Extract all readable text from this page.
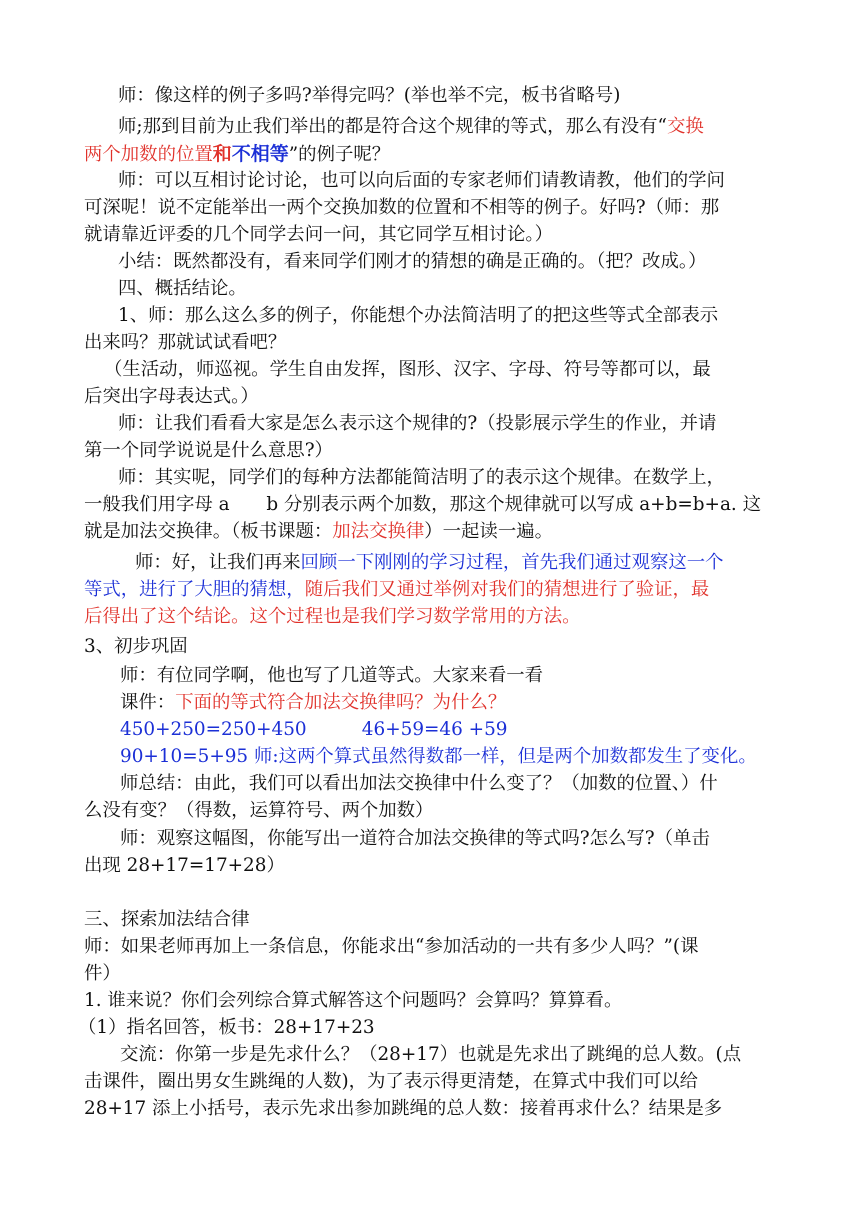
师：像这样的例子多吗?举得完吗？(举也举不完，板书省略号)
师;那到目前为止我们举出的都是符合这个规律的等式，那么有没有“交换
两个加数的位置和不相等”的例子呢？
师：可以互相讨论讨论，也可以向后面的专家老师们请教请教，他们的学问
可深呢！说不定能举出一两个交换加数的位置和不相等的例子。好吗?（师：那
就请靠近评委的几个同学去问一问，其它同学互相讨论。）
小结：既然都没有，看来同学们刚才的猜想的确是正确的。（把？改成。）
四、概括结论。
1、师：那么这么多的例子，你能想个办法简洁明了的把这些等式全部表示
出来吗？那就试试看吧？
（生活动，师巡视。学生自由发挥，图形、汉字、字母、符号等都可以，最
后突出字母表达式。）
师：让我们看看大家是怎么表示这个规律的?（投影展示学生的作业，并请
第一个同学说说是什么意思?）
师：其实呢，同学们的每种方法都能简洁明了的表示这个规律。在数学上，
一般我们用字母 a　　b 分别表示两个加数，那这个规律就可以写成 a+b=b+a. 这
就是加法交换律。（板书课题：加法交换律）一起读一遍。
师：好，让我们再来回顾一下刚刚的学习过程，首先我们通过观察这一个
等式，进行了大胆的猜想，随后我们又通过举例对我们的猜想进行了验证，最
后得出了这个结论。这个过程也是我们学习数学常用的方法。
3、初步巩固
师：有位同学啊，他也写了几道等式。大家来看一看
课件：下面的等式符合加法交换律吗？为什么？
450+250=250+450　　　46+59=46 +59
90+10=5+95 师:这两个算式虽然得数都一样，但是两个加数都发生了变化。
师总结：由此，我们可以看出加法交换律中什么变了？（加数的位置、）什
么没有变？（得数，运算符号、两个加数）
师：观察这幅图，你能写出一道符合加法交换律的等式吗?怎么写?（单击
出现 28+17=17+28）
三、探索加法结合律
师：如果老师再加上一条信息，你能求出“参加活动的一共有多少人吗？”(课
件）
1. 谁来说？你们会列综合算式解答这个问题吗？会算吗？算算看。
（1）指名回答，板书：28+17+23
交流：你第一步是先求什么？（28+17）也就是先求出了跳绳的总人数。(点
击课件，圈出男女生跳绳的人数)，为了表示得更清楚，在算式中我们可以给
28+17 添上小括号，表示先求出参加跳绳的总人数：接着再求什么？结果是多
